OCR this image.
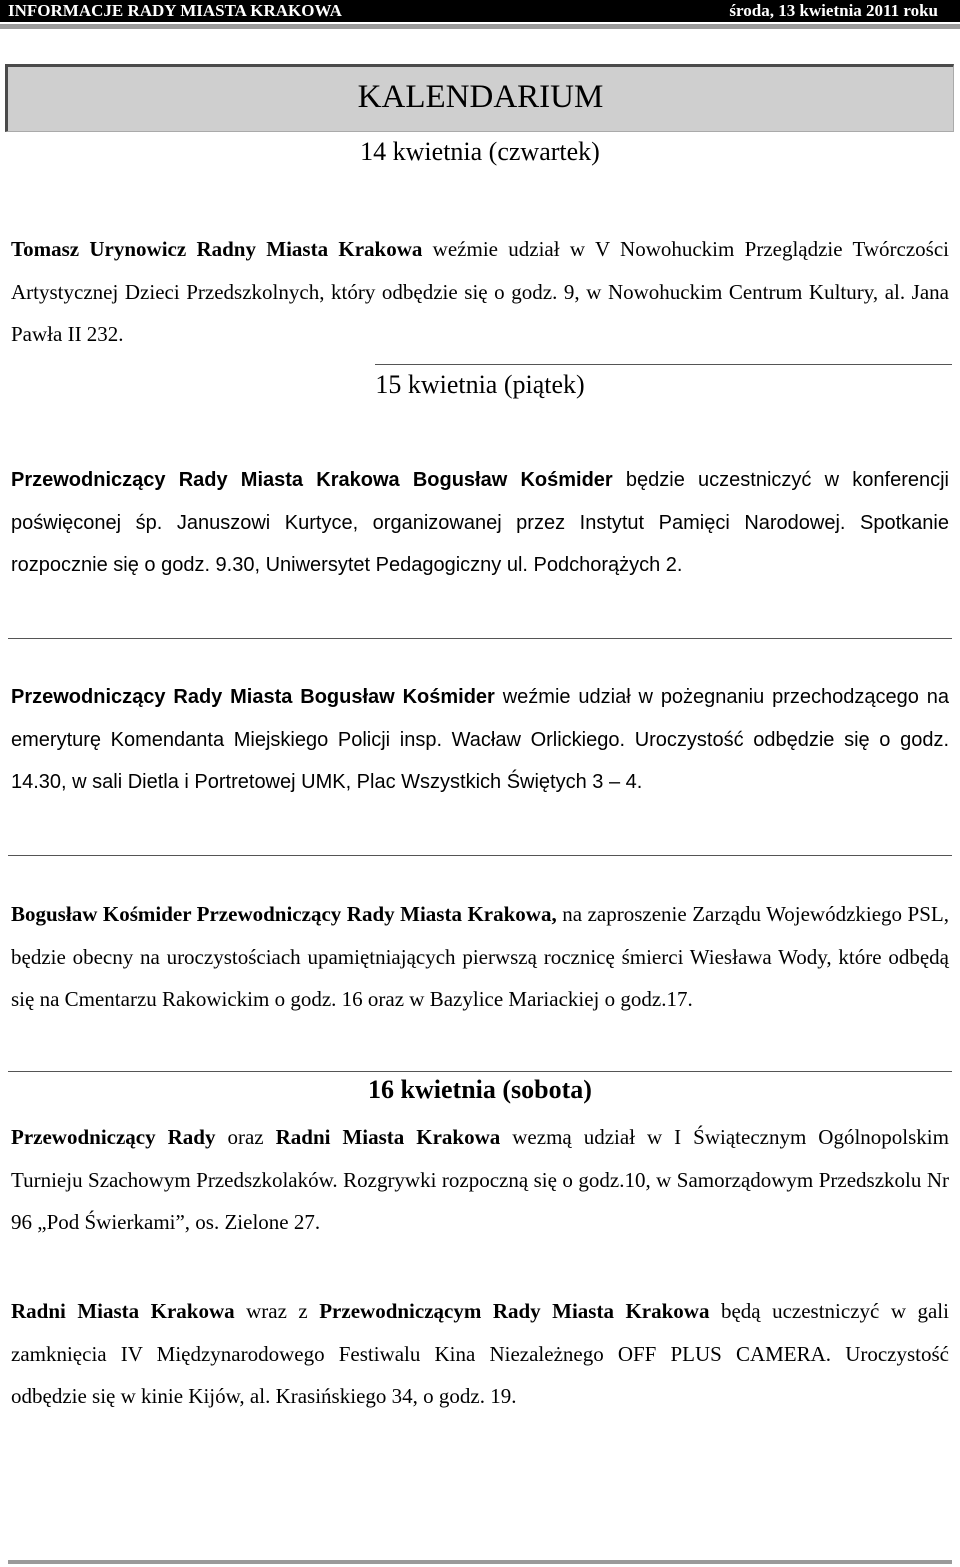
INFORMACJE RADY MIASTA KRAKOWA	środa, 13 kwietnia 2011 roku
KALENDARIUM
14 kwietnia (czwartek)

Tomasz Urynowicz Radny Miasta Krakowa weźmie udział w V Nowohuckim Przeglądzie Twórczości Artystycznej Dzieci Przedszkolnych, który odbędzie się o godz. 9, w Nowohuckim Centrum Kultury, al. Jana Pawła II 232.

15 kwietnia (piątek)

Przewodniczący Rady Miasta Krakowa Bogusław Kośmider będzie uczestniczyć w konferencji poświęconej śp. Januszowi Kurtyce, organizowanej przez Instytut Pamięci Narodowej. Spotkanie rozpocznie się o godz. 9.30, Uniwersytet Pedagogiczny ul. Podchorążych 2.

Przewodniczący Rady Miasta Bogusław Kośmider weźmie udział w pożegnaniu przechodzącego na emeryturę Komendanta Miejskiego Policji insp. Wacław Orlickiego. Uroczystość odbędzie się o godz. 14.30, w sali Dietla i Portretowej UMK, Plac Wszystkich Świętych 3 – 4.

Bogusław Kośmider Przewodniczący Rady Miasta Krakowa, na zaproszenie Zarządu Wojewódzkiego PSL, będzie obecny na uroczystościach upamiętniających pierwszą rocznicę śmierci Wiesława Wody, które odbędą się na Cmentarzu Rakowickim o godz. 16 oraz w Bazylice Mariackiej o godz.17.

16 kwietnia (sobota)

Przewodniczący Rady oraz Radni Miasta Krakowa wezmą udział w I Świątecznym Ogólnopolskim Turnieju Szachowym Przedszkolaków. Rozgrywki rozpoczną się o godz.10, w Samorządowym Przedszkolu Nr 96 „Pod Świerkami”, os. Zielone 27.

Radni Miasta Krakowa wraz z Przewodniczącym Rady Miasta Krakowa będą uczestniczyć w gali zamknięcia IV Międzynarodowego Festiwalu Kina Niezależnego OFF PLUS CAMERA. Uroczystość odbędzie się w kinie Kijów, al. Krasińskiego 34, o godz. 19.
